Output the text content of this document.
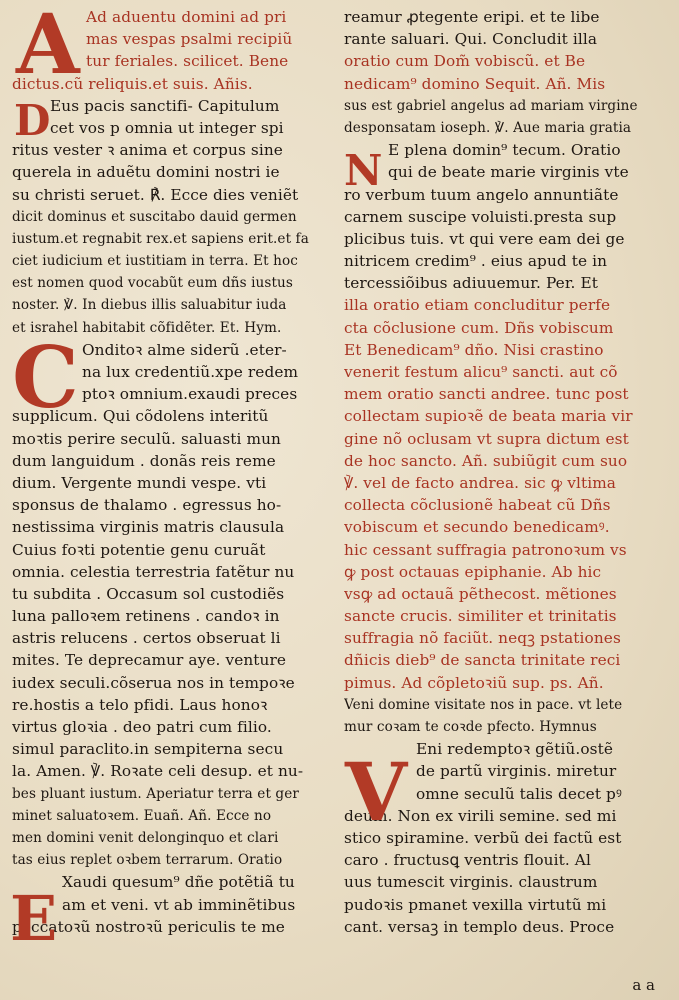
Ad aduentu domini ad pri
mas vespas psalmi recipiũ
tur feriales. scilicet. Bene
dictus.cũ reliquis.et suis. Añis.
Eus pacis sanctifi- Capitulum
cet vos p omnia ut integer spi
ritus vester ꝛ anima et corpus sine
querela in aduẽtu domini nostri ie
su christi seruet. ℟. Ecce dies veniẽt
dicit dominus et suscitabo dauid germen
iustum.et regnabit rex.et sapiens erit.et fa
ciet iudicium et iustitiam in terra. Et hoc
est nomen quod vocabũt eum dñs iustus
noster. ℣. In diebus illis saluabitur iuda
et israhel habitabit cõfidẽter. Et. Hym.
Onditoꝛ alme siderũ .eter-
na lux credentiũ.xpe redem
ptoꝛ omnium.exaudi preces
supplicum. Qui cõdolens interitũ
moꝛtis perire seculũ. saluasti mun
dum languidum . donãs reis reme
dium. Vergente mundi vespe. vti
sponsus de thalamo . egressus ho-
nestissima virginis matris clausula
Cuius foꝛti potentie genu curuãt
omnia. celestia terrestria fatẽtur nu
tu subdita . Occasum sol custodiẽs
luna palloꝛem retinens . candoꝛ in
astris relucens . certos obseruat li
mites. Te deprecamur aye. venture
iudex seculi.cõserua nos in tempoꝛe
re.hostis a telo pfidi. Laus honoꝛ
virtus gloꝛia . deo patri cum filio.
simul paraclito.in sempiterna secu
la. Amen. ℣. Roꝛate celi desup. et nu-
bes pluant iustum. Aperiatur terra et ger
minet saluatoꝛem. Euañ. Añ. Ecce no
men domini venit delonginquo et clari
tas eius replet oꝛbem terrarum. Oratio
Xaudi quesum⁹ dñe potẽtiã tu
am et veni. vt ab imminẽtibus
peccatoꝛũ nostroꝛũ periculis te me
reamur ꝓtegente eripi. et te libe
rante saluari. Qui. Concludit illa
oratio cum Dom̃ vobiscũ. et Be
nedicam⁹ domino Sequit. Añ. Mis
sus est gabriel angelus ad mariam virgine
desponsatam ioseph. ℣. Aue maria gratia
E plena domin⁹ tecum. Oratio
qui de beate marie virginis vte
ro verbum tuum angelo annuntiãte
carnem suscipe voluisti.presta sup
plicibus tuis. vt qui vere eam dei ge
nitricem credim⁹ . eius apud te in
tercessiõibus adiuuemur. Per. Et
illa oratio etiam concluditur perfe
cta cõclusione cum. Dñs vobiscum
Et Benedicam⁹ dño. Nisi crastino
venerit festum alicu⁹ sancti. aut cõ
mem oratio sancti andree. tunc post
collectam supioꝛẽ de beata maria vir
gine nõ oclusam vt supra dictum est
de hoc sancto. Añ. subiũgit cum suo
℣. vel de facto andrea. sic ꝙ vltima
collecta cõclusionẽ habeat cũ Dñs
vobiscum et secundo benedicamꝰ.
hic cessant suffragia patronoꝛum vs
ꝙ post octauas epiphanie. Ab hic
vsꝙ ad octauã pẽthecost. mẽtiones
sancte crucis. similiter et trinitatis
suffragia nõ faciũt. neqꝫ pstationes
dñicis dieb⁹ de sancta trinitate reci
pimus. Ad cõpletoꝛiũ sup. ps. Añ.
Veni domine visitate nos in pace. vt lete
mur coꝛam te coꝛde pfecto. Hymnus
Eni redemptoꝛ gẽtiũ.ostẽ
de partũ virginis. miretur
omne seculũ talis decet pꝰ
deum. Non ex virili semine. sed mi
stico spiramine. verbũ dei factũ est
caro . fructusꝗ ventris flouit. Al
uus tumescit virginis. claustrum
pudoꝛis pmanet vexilla virtutũ mi
cant. versaꝫ in templo deus. Proce
A
D
C
E
N
V
a a
